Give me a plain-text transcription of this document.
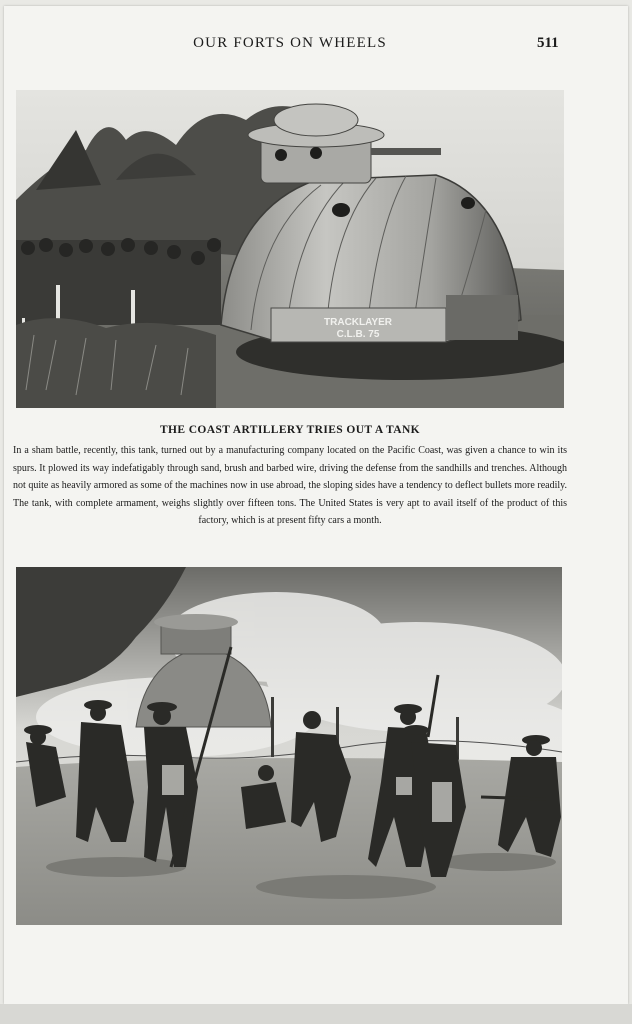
OUR FORTS ON WHEELS	511
TRACKLAYER
C.L.B. 75
THE COAST ARTILLERY TRIES OUT A TANK
In a sham battle, recently, this tank, turned out by a manufacturing company located on the Pacific Coast, was given a chance to win its spurs. It plowed its way indefatigably through sand, brush and barbed wire, driving the defense from the sandhills and trenches. Although not quite as heavily armored as some of the machines now in use abroad, the sloping sides have a tendency to deflect bullets more readily. The tank, with complete armament, weighs slightly over fifteen tons. The United States is very apt to avail itself of the product of this factory, which is at present fifty cars a month.
